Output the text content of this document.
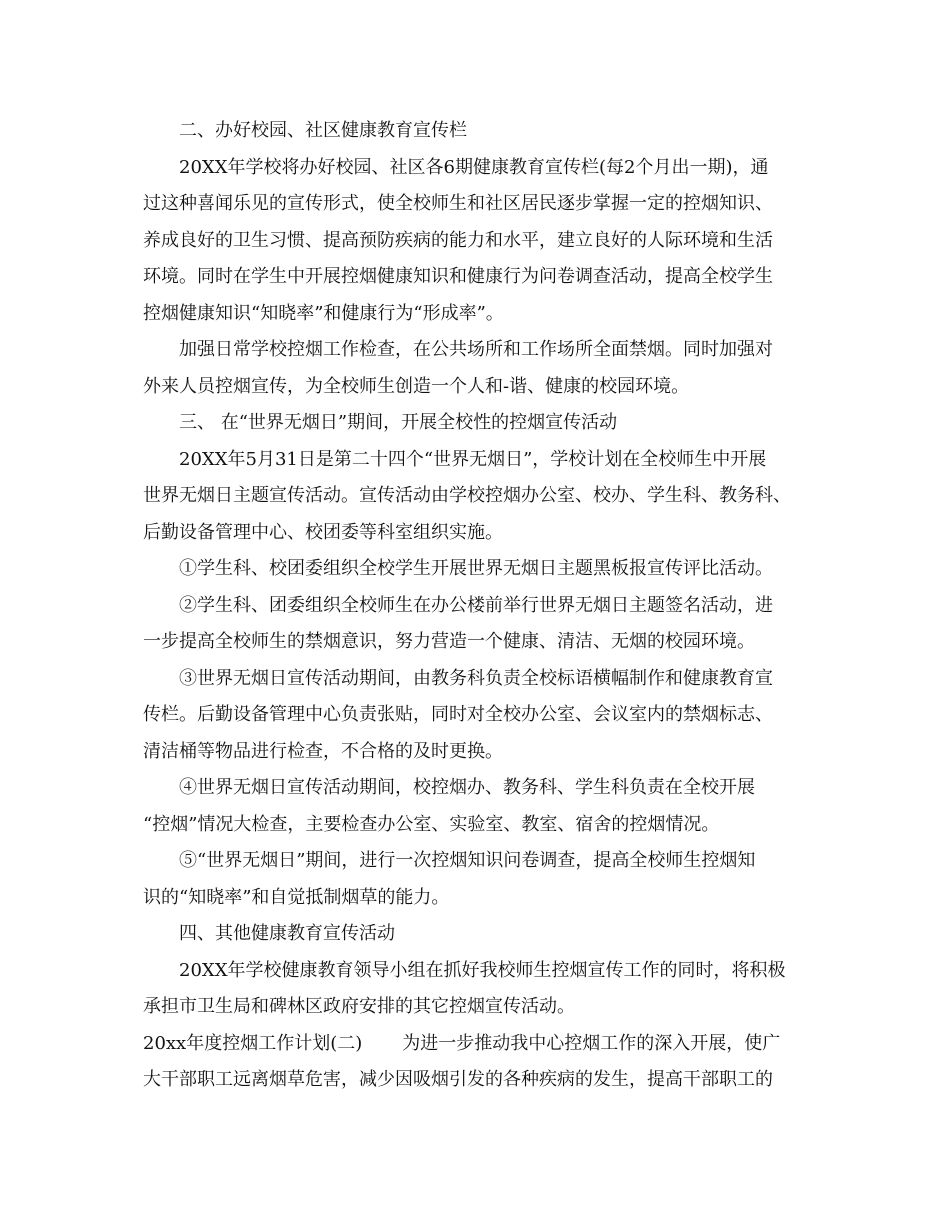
二、办好校园、社区健康教育宣传栏
20XX年学校将办好校园、社区各6期健康教育宣传栏(每2个月出一期)，通
过这种喜闻乐见的宣传形式，使全校师生和社区居民逐步掌握一定的控烟知识、
养成良好的卫生习惯、提高预防疾病的能力和水平，建立良好的人际环境和生活
环境。同时在学生中开展控烟健康知识和健康行为问卷调查活动，提高全校学生
控烟健康知识“知晓率”和健康行为“形成率”。
加强日常学校控烟工作检查，在公共场所和工作场所全面禁烟。同时加强对
外来人员控烟宣传，为全校师生创造一个人和-谐、健康的校园环境。
三、 在“世界无烟日”期间，开展全校性的控烟宣传活动
20XX年5月31日是第二十四个“世界无烟日”，学校计划在全校师生中开展
世界无烟日主题宣传活动。宣传活动由学校控烟办公室、校办、学生科、教务科、
后勤设备管理中心、校团委等科室组织实施。
①学生科、校团委组织全校学生开展世界无烟日主题黑板报宣传评比活动。
②学生科、团委组织全校师生在办公楼前举行世界无烟日主题签名活动，进
一步提高全校师生的禁烟意识，努力营造一个健康、清洁、无烟的校园环境。
③世界无烟日宣传活动期间，由教务科负责全校标语横幅制作和健康教育宣
传栏。后勤设备管理中心负责张贴，同时对全校办公室、会议室内的禁烟标志、
清洁桶等物品进行检查，不合格的及时更换。
④世界无烟日宣传活动期间，校控烟办、教务科、学生科负责在全校开展
“控烟”情况大检查，主要检查办公室、实验室、教室、宿舍的控烟情况。
⑤“世界无烟日”期间，进行一次控烟知识问卷调查，提高全校师生控烟知
识的“知晓率”和自觉抵制烟草的能力。
四、其他健康教育宣传活动
20XX年学校健康教育领导小组在抓好我校师生控烟宣传工作的同时，将积极
承担市卫生局和碑林区政府安排的其它控烟宣传活动。
20xx年度控烟工作计划(二) 为进一步推动我中心控烟工作的深入开展，使广
大干部职工远离烟草危害，减少因吸烟引发的各种疾病的发生，提高干部职工的
